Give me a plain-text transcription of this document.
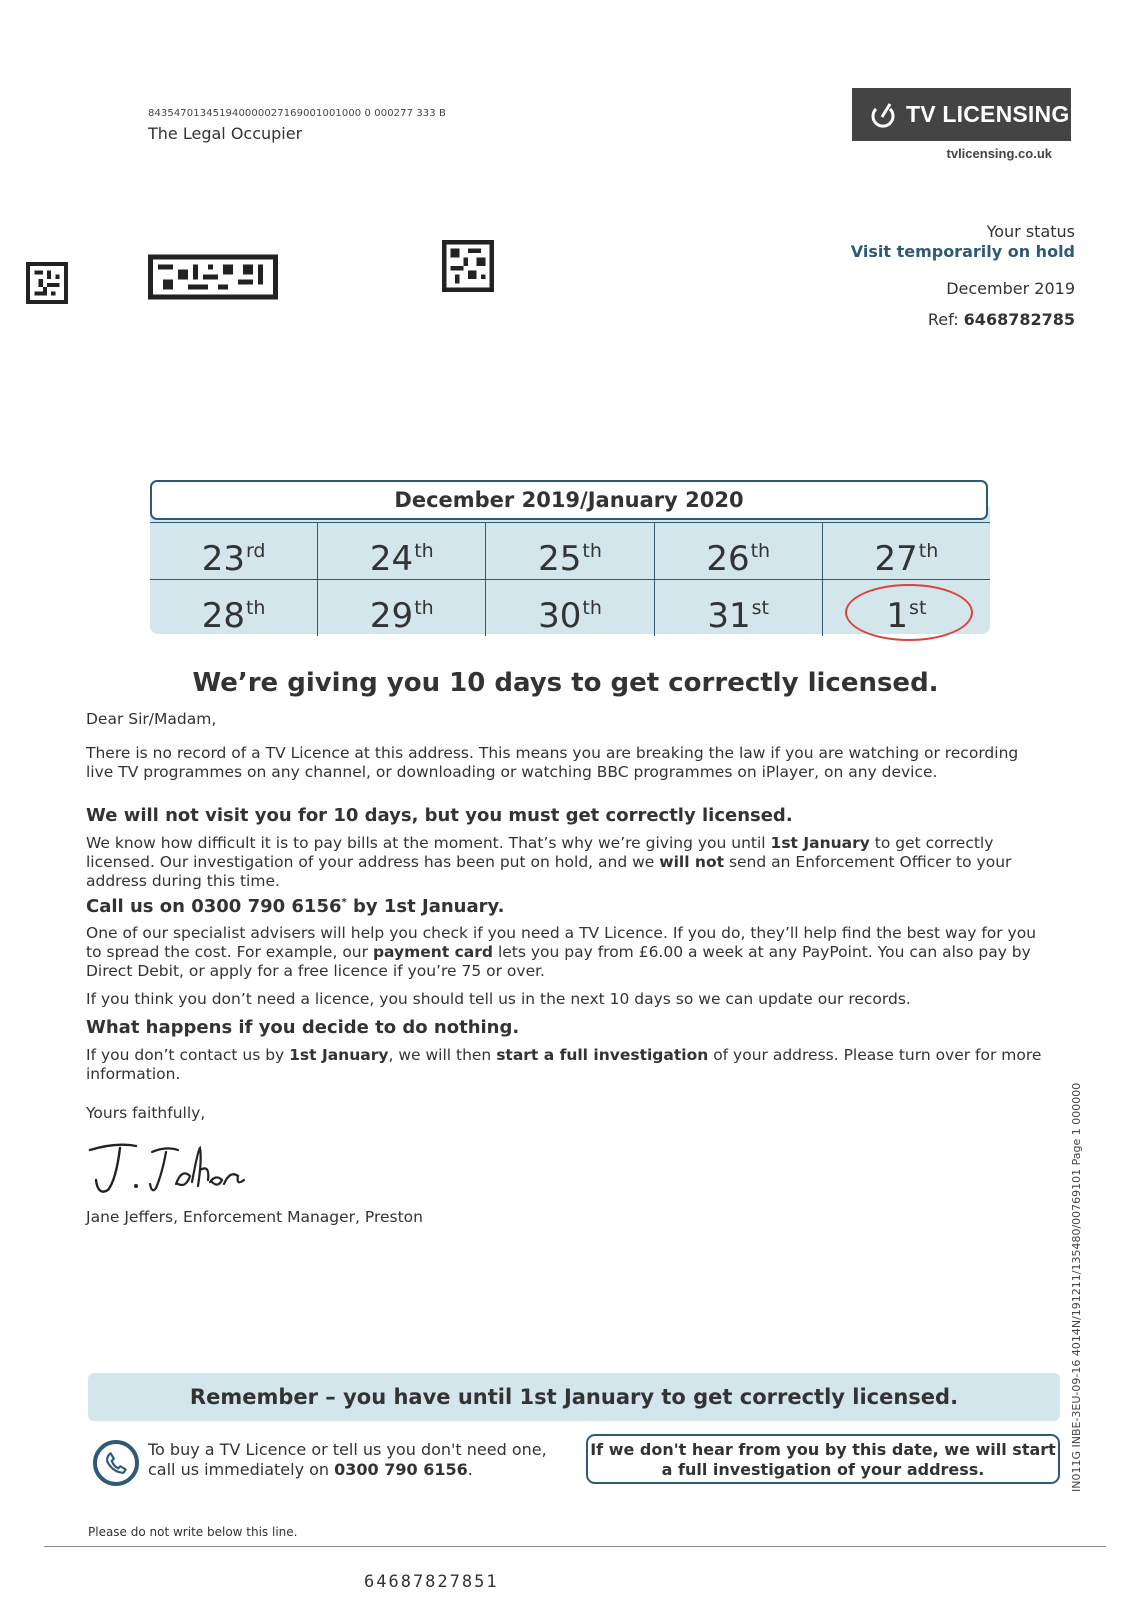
843547013451940000027169001001000 0 000277 333 B
The Legal Occupier
TV LICENSING
tvlicensing.co.uk
Your status
Visit temporarily on hold
December 2019
Ref: 6468782785
December 2019/January 2020
23rd	24th	25th	26th	27th
28th	29th	30th	31st	1st
We’re giving you 10 days to get correctly licensed.
Dear Sir/Madam,
There is no record of a TV Licence at this address. This means you are breaking the law if you are watching or recording live TV programmes on any channel, or downloading or watching BBC programmes on iPlayer, on any device.
We will not visit you for 10 days, but you must get correctly licensed.
We know how difficult it is to pay bills at the moment. That’s why we’re giving you until 1st January to get correctly licensed. Our investigation of your address has been put on hold, and we will not send an Enforcement Officer to your address during this time.
Call us on 0300 790 6156* by 1st January.
One of our specialist advisers will help you check if you need a TV Licence. If you do, they’ll help find the best way for you to spread the cost. For example, our payment card lets you pay from £6.00 a week at any PayPoint. You can also pay by Direct Debit, or apply for a free licence if you’re 75 or over.
If you think you don’t need a licence, you should tell us in the next 10 days so we can update our records.
What happens if you decide to do nothing.
If you don’t contact us by 1st January, we will then start a full investigation of your address. Please turn over for more information.
Yours faithfully,
Jane Jeffers, Enforcement Manager, Preston	IN011G INBE-3EU-09-16 4014N/191211/135480/00769101 Page 1 000000
Remember – you have until 1st January to get correctly licensed.
To buy a TV Licence or tell us you don't need one, call us immediately on 0300 790 6156.
If we don't hear from you by this date, we will start a full investigation of your address.
Please do not write below this line.
64687827851
